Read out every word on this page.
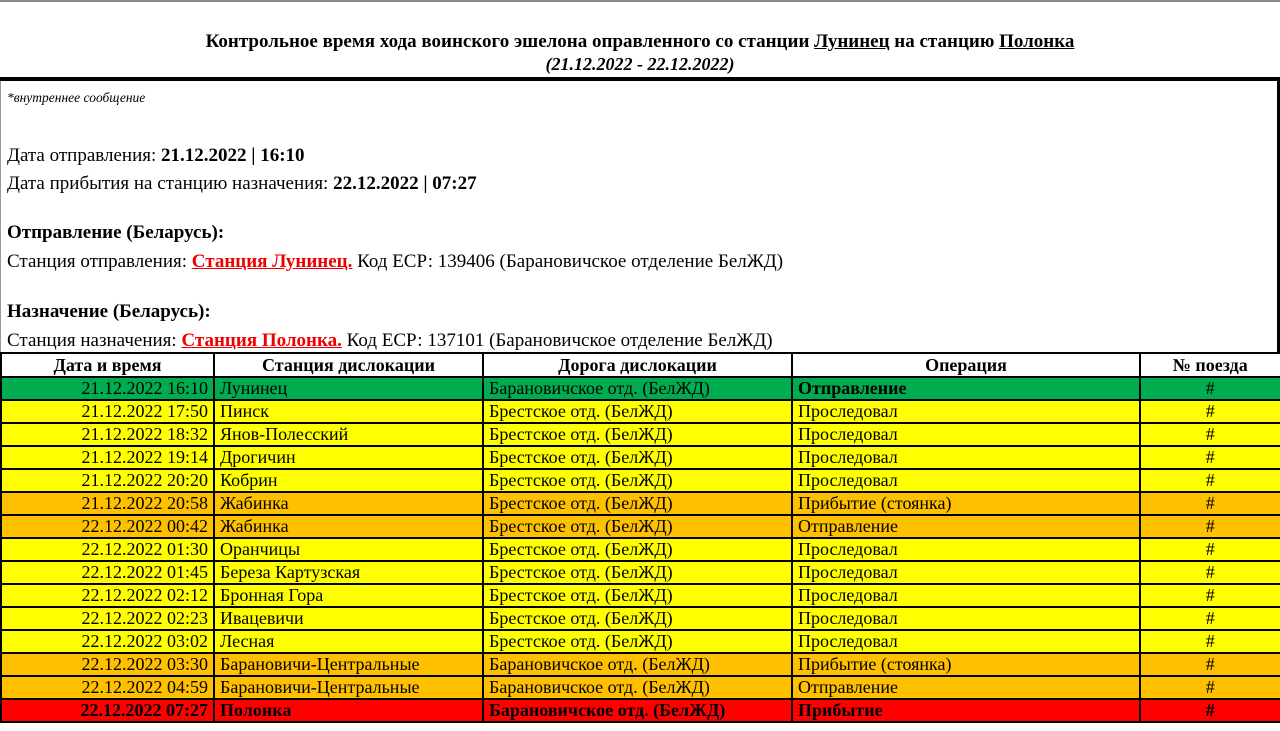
Контрольное время хода воинского эшелона оправленного со станции Лунинец на станцию Полонка
(21.12.2022 - 22.12.2022)
*внутреннее сообщение

Дата отправления: 21.12.2022 | 16:10

Дата прибытия на станцию назначения: 22.12.2022 | 07:27

Отправление (Беларусь):

Станция отправления: Станция Лунинец. Код ЕСР: 139406 (Барановичское отделение БелЖД)

Назначение (Беларусь):

Станция назначения: Станция Полонка. Код ЕСР: 137101 (Барановичское отделение БелЖД)

Дата и время	Станция дислокации	Дорога дислокации	Операция	№ поезда
21.12.2022 16:10	Лунинец	Барановичское отд. (БелЖД)	Отправление	#
21.12.2022 17:50	Пинск	Брестское отд. (БелЖД)	Проследовал	#
21.12.2022 18:32	Янов-Полесский	Брестское отд. (БелЖД)	Проследовал	#
21.12.2022 19:14	Дрогичин	Брестское отд. (БелЖД)	Проследовал	#
21.12.2022 20:20	Кобрин	Брестское отд. (БелЖД)	Проследовал	#
21.12.2022 20:58	Жабинка	Брестское отд. (БелЖД)	Прибытие (стоянка)	#
22.12.2022 00:42	Жабинка	Брестское отд. (БелЖД)	Отправление	#
22.12.2022 01:30	Оранчицы	Брестское отд. (БелЖД)	Проследовал	#
22.12.2022 01:45	Береза Картузская	Брестское отд. (БелЖД)	Проследовал	#
22.12.2022 02:12	Бронная Гора	Брестское отд. (БелЖД)	Проследовал	#
22.12.2022 02:23	Ивацевичи	Брестское отд. (БелЖД)	Проследовал	#
22.12.2022 03:02	Лесная	Брестское отд. (БелЖД)	Проследовал	#
22.12.2022 03:30	Барановичи-Центральные	Барановичское отд. (БелЖД)	Прибытие (стоянка)	#
22.12.2022 04:59	Барановичи-Центральные	Барановичское отд. (БелЖД)	Отправление	#
22.12.2022 07:27	Полонка	Барановичское отд. (БелЖД)	Прибытие	#
